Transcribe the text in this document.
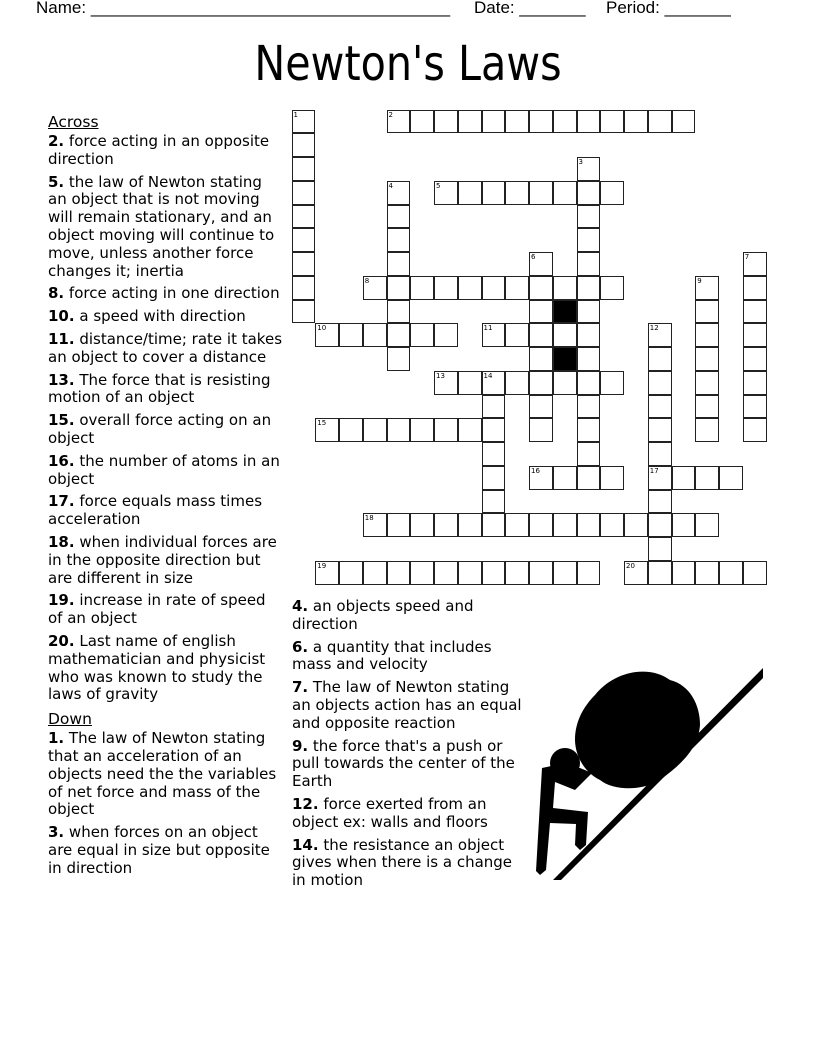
Name: ______________________________________ Date: _______ Period: _______
Newton's Laws
Across
2. force acting in an opposite direction
5. the law of Newton stating an object that is not moving will remain stationary, and an object moving will continue to move, unless another force changes it; inertia
8. force acting in one direction
10. a speed with direction
11. distance/time; rate it takes an object to cover a distance
13. The force that is resisting motion of an object
15. overall force acting on an object
16. the number of atoms in an object
17. force equals mass times acceleration
18. when individual forces are in the opposite direction but are different in size
19. increase in rate of speed of an object
20. Last name of english mathematician and physicist who was known to study the laws of gravity
Down
1. The law of Newton stating that an acceleration of an objects need the the variables of net force and mass of the object
3. when forces on an object are equal in size but opposite in direction
4. an objects speed and direction
6. a quantity that includes mass and velocity
7. The law of Newton stating an objects action has an equal and opposite reaction
9. the force that's a push or pull towards the center of the Earth
12. force exerted from an object ex: walls and floors
14. the resistance an object gives when there is a change in motion
1	2
3
4	5
6	7
8	9
10	11	12
17
13	14
15
16
18
19	20
